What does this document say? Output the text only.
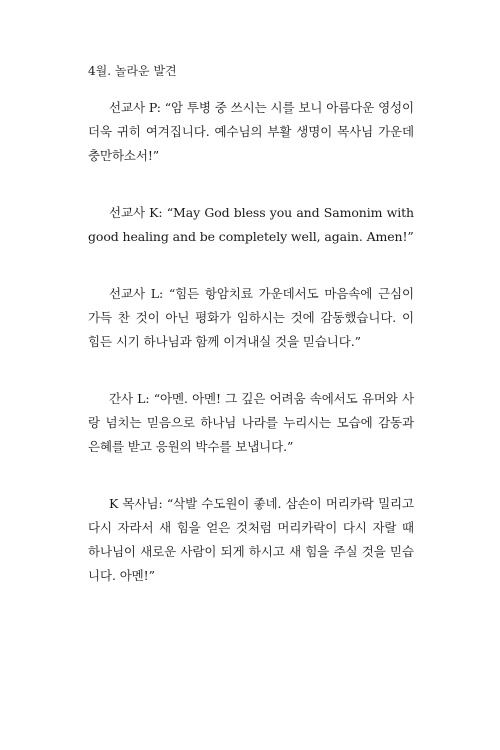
4월. 놀라운 발견

선교사 P: “암 투병 중 쓰시는 시를 보니 아름다운 영성이 더욱 귀히 여겨집니다. 예수님의 부활 생명이 목사님 가운데 충만하소서!”

선교사 K: “May God bless you and Samonim with good healing and be completely well, again. Amen!”

선교사 L: “힘든 항암치료 가운데서도 마음속에 근심이 가득 찬 것이 아닌 평화가 임하시는 것에 감동했습니다. 이 힘든 시기 하나님과 함께 이겨내실 것을 믿습니다.”

간사 L: “아멘. 아멘! 그 깊은 어려움 속에서도 유머와 사랑 넘치는 믿음으로 하나님 나라를 누리시는 모습에 감동과 은혜를 받고 응원의 박수를 보냅니다.”

K 목사님: “삭발 수도원이 좋네. 삼손이 머리카락 밀리고 다시 자라서 새 힘을 얻은 것처럼 머리카락이 다시 자랄 때 하나님이 새로운 사람이 되게 하시고 새 힘을 주실 것을 믿습니다. 아멘!”
